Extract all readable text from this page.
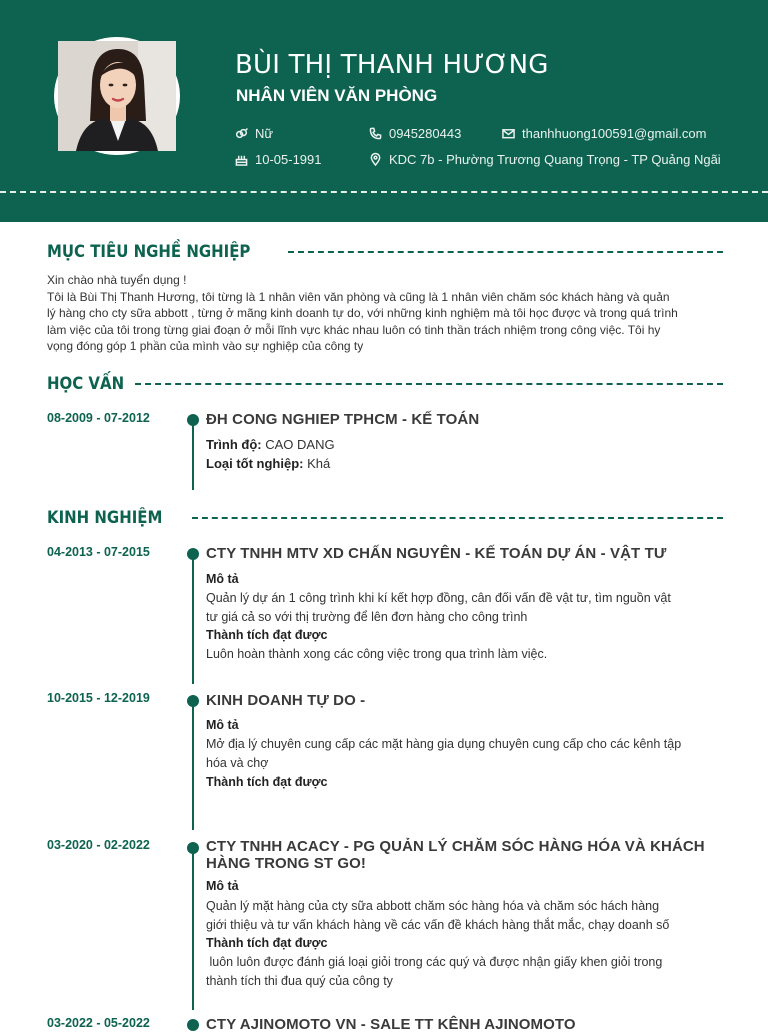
BÙI THỊ THANH HƯƠNG
NHÂN VIÊN VĂN PHÒNG
Nữ
10-05-1991
0945280443	thanhhuong100591@gmail.com
KDC 7b - Phường Trương Quang Trọng - TP Quảng Ngãi
MỤC TIÊU NGHỀ NGHIỆP
Xin chào nhà tuyển dụng !
Tôi là Bùi Thị Thanh Hương, tôi từng là 1 nhân viên văn phòng và cũng là 1 nhân viên chăm sóc khách hàng và quản
lý hàng cho cty sữa abbott , từng ở mãng kinh doanh tự do, với những kinh nghiệm mà tôi học được và trong quá trình
làm việc của tôi trong từng giai đoạn ở mỗi lĩnh vực khác nhau luôn có tinh thần trách nhiệm trong công việc. Tôi hy
vọng đóng góp 1 phần của mình vào sự nghiệp của công ty
HỌC VẤN
08-2009 - 07-2012	ĐH CONG NGHIEP TPHCM - KẾ TOÁN
Trình độ: CAO DANG
Loại tốt nghiệp: Khá
KINH NGHIỆM
04-2013 - 07-2015	CTY TNHH MTV XD CHẤN NGUYÊN - KẾ TOÁN DỰ ÁN - VẬT TƯ
Mô tả
Quản lý dự án 1 công trình khi kí kết hợp đồng, cân đối vấn đề vật tư, tìm nguồn vật
tư giá cả so với thị trường để lên đơn hàng cho công trình
Thành tích đạt được
Luôn hoàn thành xong các công việc trong qua trình làm việc.
10-2015 - 12-2019	KINH DOANH TỰ DO -
Mô tả
Mở địa lý chuyên cung cấp các mặt hàng gia dụng chuyên cung cấp cho các kênh tập
hóa và chợ
Thành tích đạt được
03-2020 - 02-2022	CTY TNHH ACACY - PG QUẢN LÝ CHĂM SÓC HÀNG HÓA VÀ KHÁCH
HÀNG TRONG ST GO!
Mô tả
Quản lý mặt hàng của cty sữa abbott chăm sóc hàng hóa và chăm sóc hách hàng
giới thiệu và tư vấn khách hàng về các vấn đề khách hàng thắt mắc, chạy doanh số
Thành tích đạt được
luôn luôn được đánh giá loại giỏi trong các quý và được nhận giấy khen giỏi trong
thành tích thi đua quý của công ty
03-2022 - 05-2022	CTY AJINOMOTO VN - SALE TT KÊNH AJINOMOTO
